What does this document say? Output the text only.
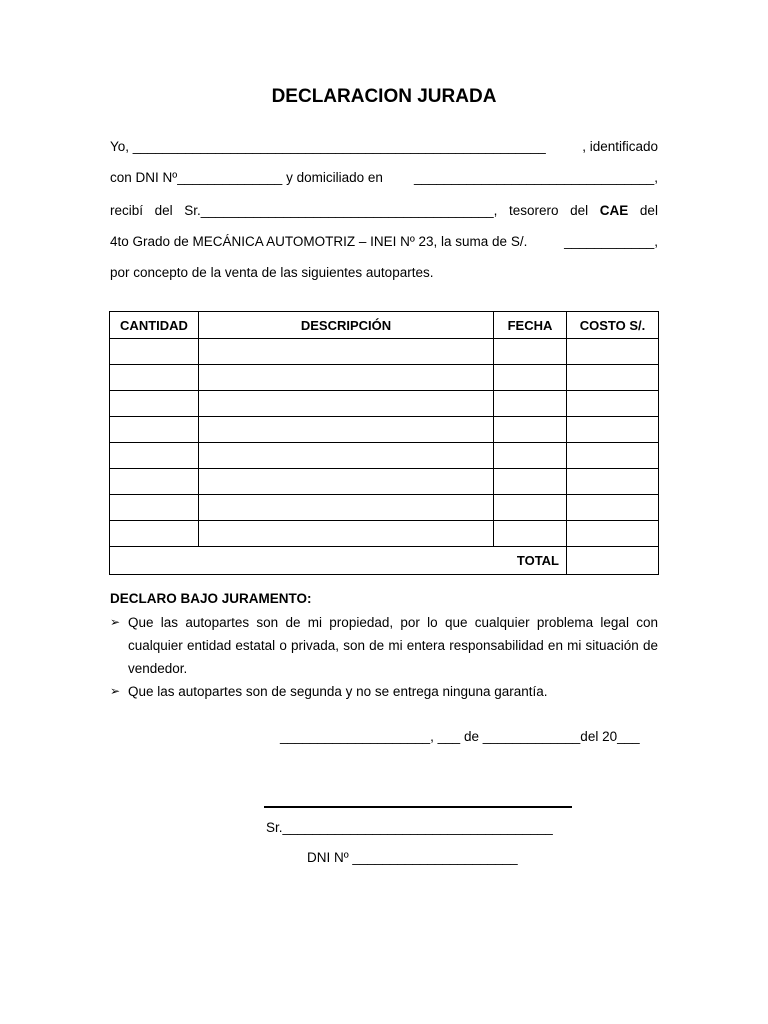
DECLARACION JURADA
Yo, _______________________________________________________	, identificado
con DNI Nº______________ y domiciliado en	________________________________,
recibí del Sr._______________________________________, tesorero del CAE del
4to Grado de MECÁNICA AUTOMOTRIZ – INEI Nº 23, la suma de S/.	____________,
por concepto de la venta de las siguientes autopartes.
CANTIDAD	DESCRIPCIÓN	FECHA	COSTO S/.

TOTAL			
DECLARO BAJO JURAMENTO:
➢ Que las autopartes son de mi propiedad, por lo que cualquier problema legal con cualquier entidad estatal o privada, son de mi entera responsabilidad en mi situación de vendedor.
➢ Que las autopartes son de segunda y no se entrega ninguna garantía.
____________________, ___ de _____________del 20___
Sr.____________________________________
DNI Nº ______________________
